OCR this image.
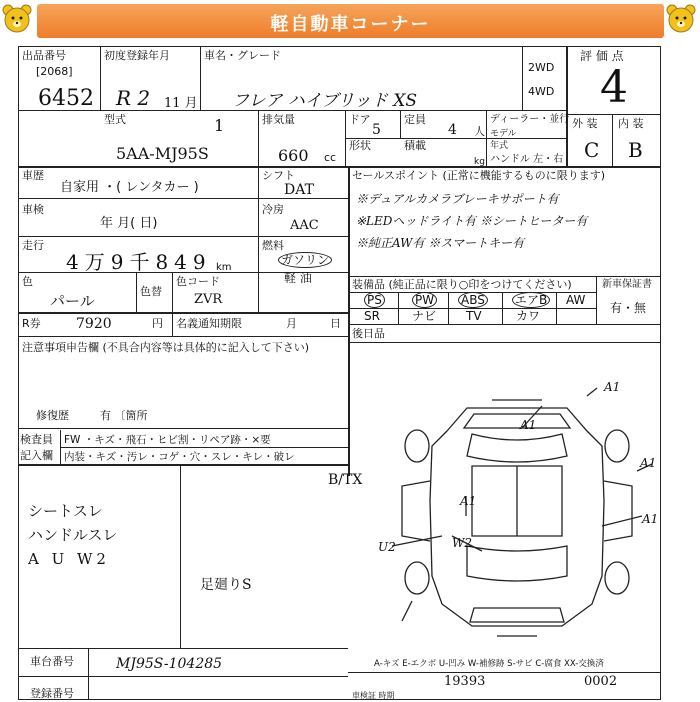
軽自動車コーナー
出品番号
[2068]
6452
初度登録年月
R 2 11 月
車名・グレード
フレア ハイブリッド XS
2WD
4WD
評 価 点
4
型式	1
5AA-MJ95S
排気量
660 cc
ドア
5
定員
4 人
ディーラー・並行
モデル 年式
形状	積載
kg ハンドル 左・右
外 装 内 装
C B
車歴
自家用 ・( レンタカー )
シフト
DAT
車検
年 月( 日)
冷房
AAC
走行
4万9千849 km
燃料
ガソリン
軽 油
色
パール
色替
色コード
ZVR
R券	7920	円 名義通知期限	月	日
注意事項申告欄 (不具合内容等は具体的に記入して下さい)
修復歴	有 〔箇所
検査員
記入欄
FW ・キズ・飛石・ヒビ割・リペア跡・×要
内装・キズ・汚レ・コゲ・穴・スレ・キレ・破レ
シートスレ
ハンドルスレ
A U W2
足廻りS
B/TX
セールスポイント (正常に機能するものに限ります)
※デュアルカメラブレーキサポート有
※LEDヘッドライト有 ※シートヒーター有
※純正AW有 ※スマートキー有
装備品 (純正品に限り○印をつけてください)	新車保証書
有・無
PS	PW ABS	エアB AW
SR	ナビ TV	カワ
後日品
A1
A1
A1
A1
U2	W2
A1
A-キズ E-エクボ U-凹み W-補修跡 S-サビ C-腐食 XX-交換済
車検証 時期
19393	0002
車台番号	MJ95S-104285
登録番号
